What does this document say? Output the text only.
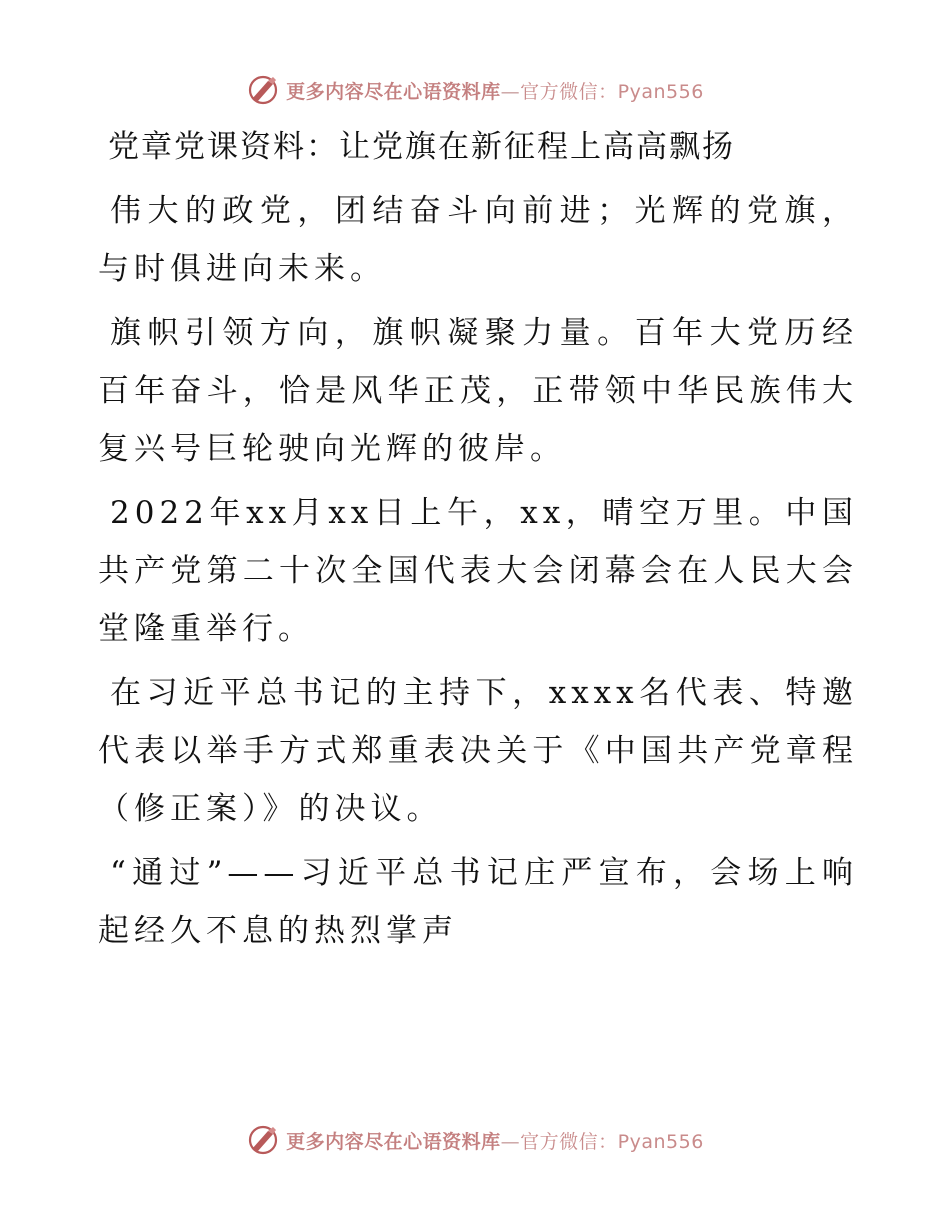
更多内容尽在心语资料库—官方微信：Pyan556
党章党课资料：让党旗在新征程上高高飘扬

伟大的政党，团结奋斗向前进；光辉的党旗，与时俱进向未来。

旗帜引领方向，旗帜凝聚力量。百年大党历经百年奋斗，恰是风华正茂，正带领中华民族伟大复兴号巨轮驶向光辉的彼岸。

2022年xx月xx日上午，xx，晴空万里。中国共产党第二十次全国代表大会闭幕会在人民大会堂隆重举行。

在习近平总书记的主持下，xxxx名代表、特邀代表以举手方式郑重表决关于《中国共产党章程（修正案）》的决议。

“通过”——习近平总书记庄严宣布，会场上响起经久不息的热烈掌声

更多内容尽在心语资料库—官方微信：Pyan556
